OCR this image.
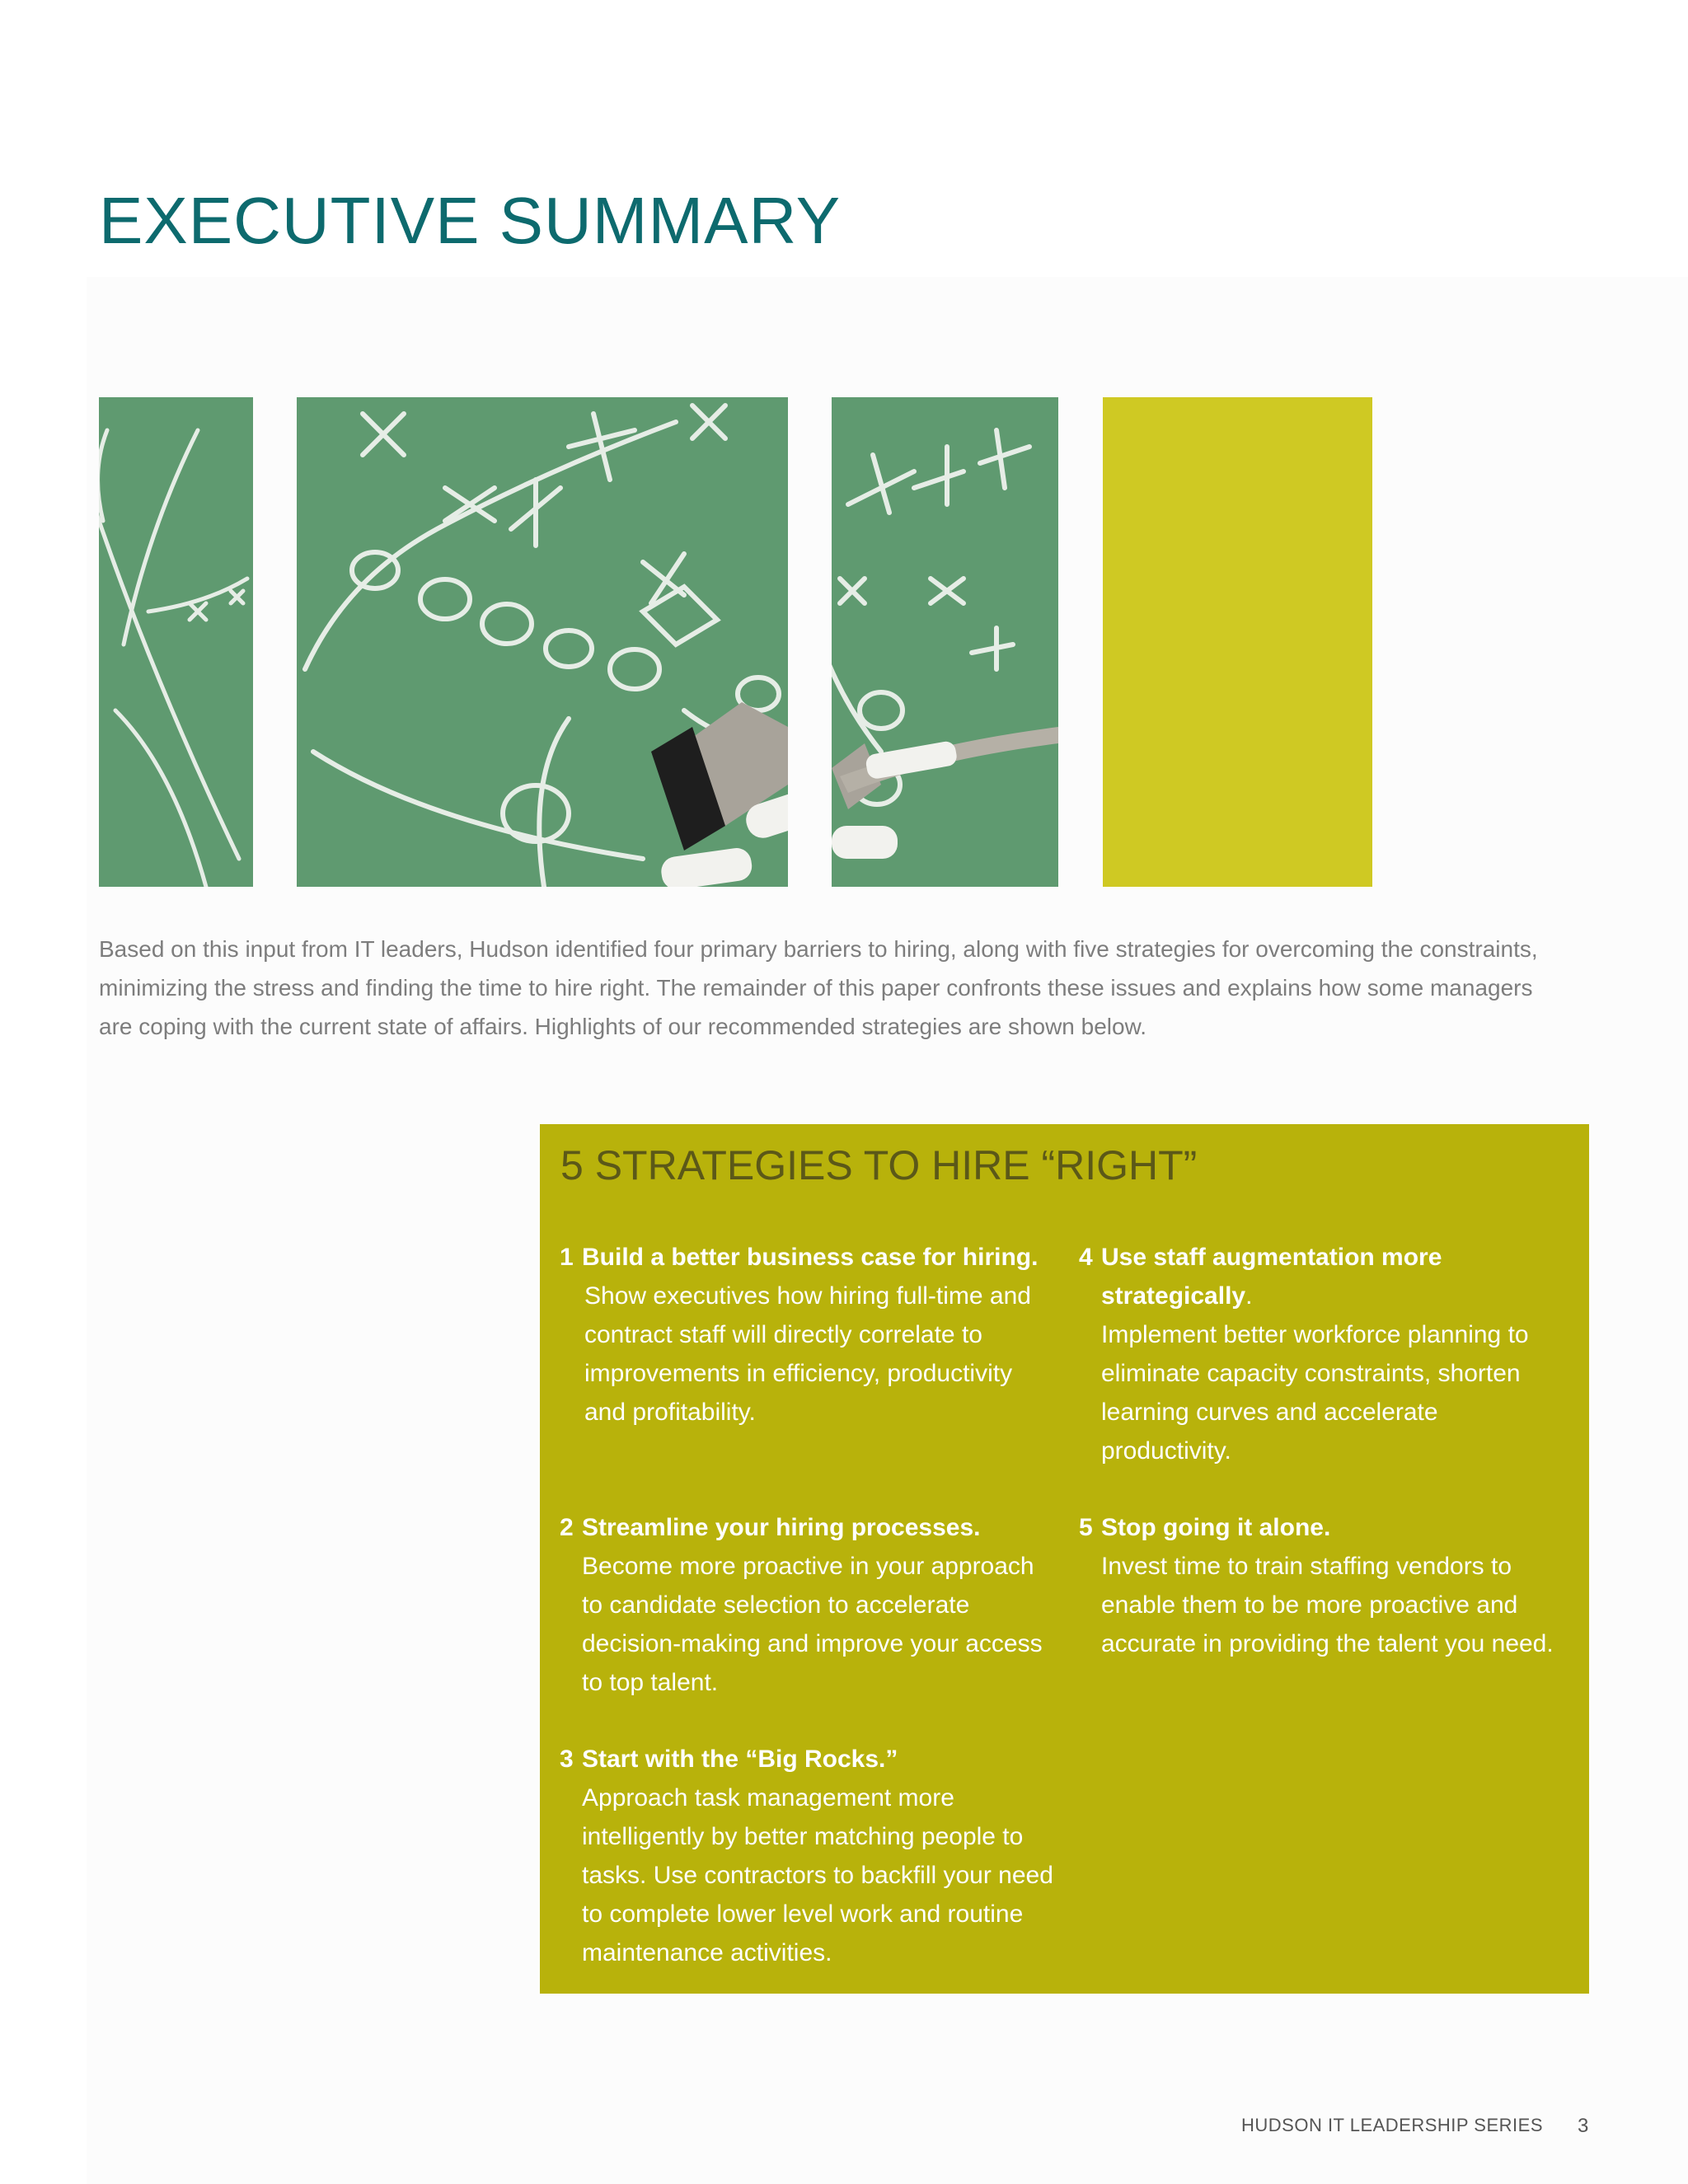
EXECUTIVE SUMMARY

Based on this input from IT leaders, Hudson identified four primary barriers to hiring, along with five strategies for overcoming the constraints, minimizing the stress and finding the time to hire right. The remainder of this paper confronts these issues and explains how some managers are coping with the current state of affairs. Highlights of our recommended strategies are shown below.

5 STRATEGIES TO HIRE “RIGHT”
1 Build a better business case for hiring.

Show executives how hiring full-time and contract staff will directly correlate to improvements in efficiency, productivity and profitability.

2 Streamline your hiring processes.

Become more proactive in your approach to candidate selection to accelerate decision-making and improve your access to top talent.

3 Start with the “Big Rocks.”

Approach task management more intelligently by better matching people to tasks. Use contractors to backfill your need to complete lower level work and routine maintenance activities.

4 Use staff augmentation more strategically.

Implement better workforce planning to eliminate capacity constraints, shorten learning curves and accelerate productivity.

5 Stop going it alone.

Invest time to train staffing vendors to enable them to be more proactive and accurate in providing the talent you need.

HUDSON IT LEADERSHIP SERIES 3
